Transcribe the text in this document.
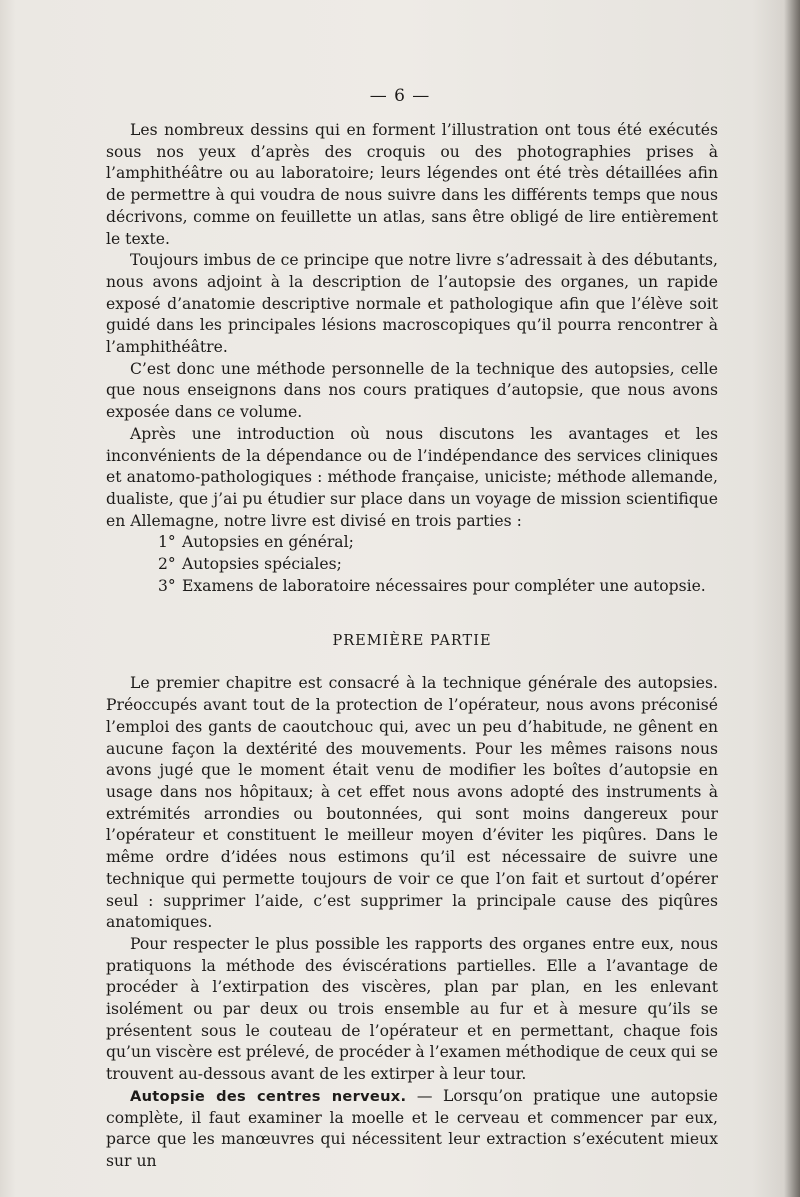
— 6 —

Les nombreux dessins qui en forment l’illustration ont tous été exécutés sous nos yeux d’après des croquis ou des photographies prises à l’amphithéâtre ou au laboratoire; leurs légendes ont été très détaillées afin de permettre à qui voudra de nous suivre dans les différents temps que nous décrivons, comme on feuillette un atlas, sans être obligé de lire entièrement le texte.

Toujours imbus de ce principe que notre livre s’adressait à des débutants, nous avons adjoint à la description de l’autopsie des organes, un rapide exposé d’anatomie descriptive normale et pathologique afin que l’élève soit guidé dans les principales lésions macroscopiques qu’il pourra rencontrer à l’amphithéâtre.

C’est donc une méthode personnelle de la technique des autopsies, celle que nous enseignons dans nos cours pratiques d’autopsie, que nous avons exposée dans ce volume.

Après une introduction où nous discutons les avantages et les inconvénients de la dépendance ou de l’indépendance des services cliniques et anatomo-pathologiques : méthode française, uniciste; méthode allemande, dualiste, que j’ai pu étudier sur place dans un voyage de mission scientifique en Allemagne, notre livre est divisé en trois parties :

1° Autopsies en général;
2° Autopsies spéciales;
3° Examens de laboratoire nécessaires pour compléter une autopsie.
PREMIÈRE PARTIE

Le premier chapitre est consacré à la technique générale des autopsies. Préoccupés avant tout de la protection de l’opérateur, nous avons préconisé l’emploi des gants de caoutchouc qui, avec un peu d’habitude, ne gênent en aucune façon la dextérité des mouvements. Pour les mêmes raisons nous avons jugé que le moment était venu de modifier les boîtes d’autopsie en usage dans nos hôpitaux; à cet effet nous avons adopté des instruments à extrémités arrondies ou boutonnées, qui sont moins dangereux pour l’opérateur et constituent le meilleur moyen d’éviter les piqûres. Dans le même ordre d’idées nous estimons qu’il est nécessaire de suivre une technique qui permette toujours de voir ce que l’on fait et surtout d’opérer seul : supprimer l’aide, c’est supprimer la principale cause des piqûres anatomiques.

Pour respecter le plus possible les rapports des organes entre eux, nous pratiquons la méthode des éviscérations partielles. Elle a l’avantage de procéder à l’extirpation des viscères, plan par plan, en les enlevant isolément ou par deux ou trois ensemble au fur et à mesure qu’ils se présentent sous le couteau de l’opérateur et en permettant, chaque fois qu’un viscère est prélevé, de procéder à l’examen méthodique de ceux qui se trouvent au-dessous avant de les extirper à leur tour.

Autopsie des centres nerveux. — Lorsqu’on pratique une autopsie complète, il faut examiner la moelle et le cerveau et commencer par eux, parce que les manœuvres qui nécessitent leur extraction s’exécutent mieux sur un
